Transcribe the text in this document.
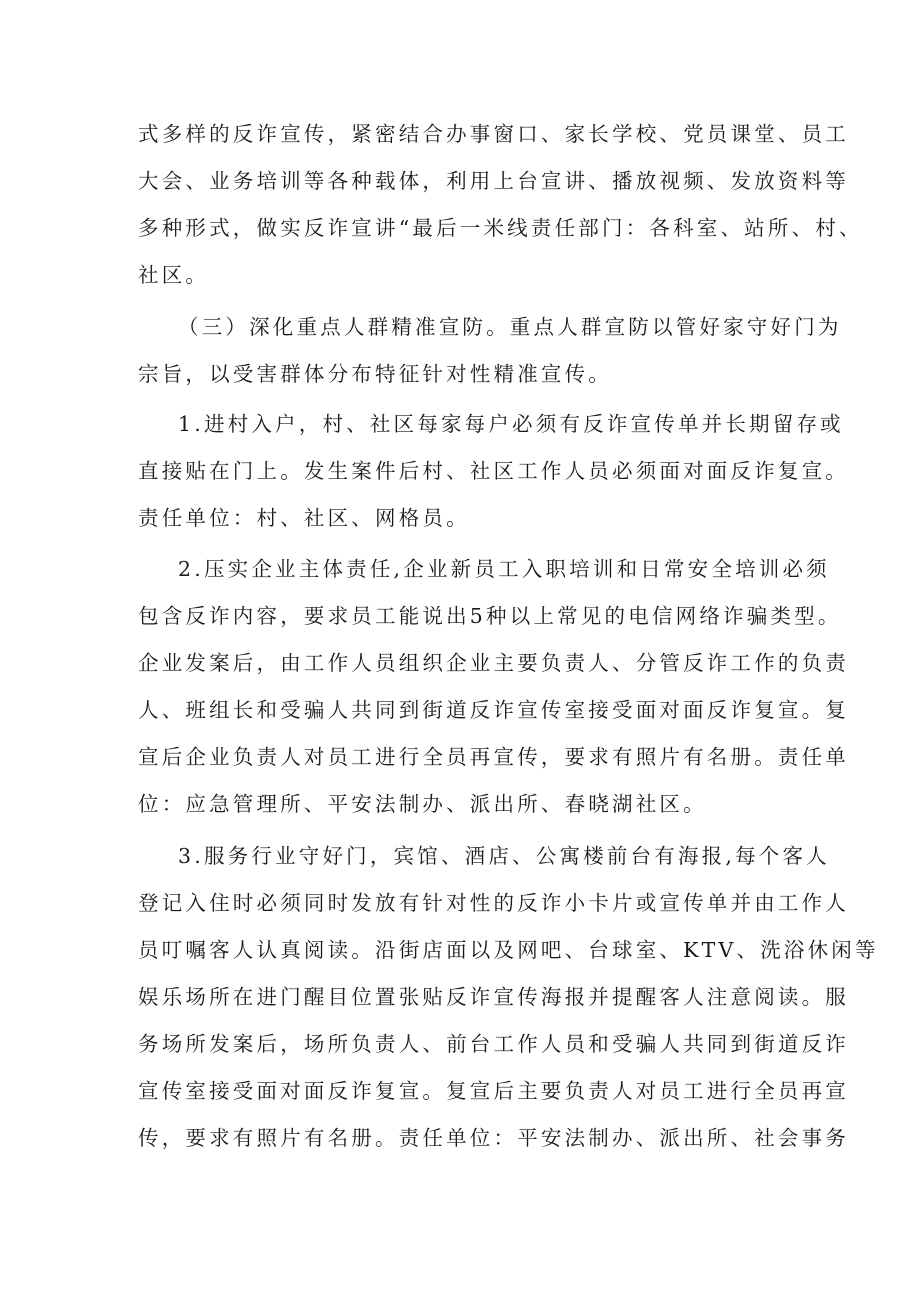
式多样的反诈宣传，紧密结合办事窗口、家长学校、党员课堂、员工
大会、业务培训等各种载体，利用上台宣讲、播放视频、发放资料等
多种形式，做实反诈宣讲“最后一米线责任部门：各科室、站所、村、
社区。
（三）深化重点人群精准宣防。重点人群宣防以管好家守好门为
宗旨，以受害群体分布特征针对性精准宣传。
1.进村入户，村、社区每家每户必须有反诈宣传单并长期留存或
直接贴在门上。发生案件后村、社区工作人员必须面对面反诈复宣。
责任单位：村、社区、网格员。
2.压实企业主体责任,企业新员工入职培训和日常安全培训必须
包含反诈内容，要求员工能说出5种以上常见的电信网络诈骗类型。
企业发案后，由工作人员组织企业主要负责人、分管反诈工作的负责
人、班组长和受骗人共同到街道反诈宣传室接受面对面反诈复宣。复
宣后企业负责人对员工进行全员再宣传，要求有照片有名册。责任单
位：应急管理所、平安法制办、派出所、春晓湖社区。
3.服务行业守好门，宾馆、酒店、公寓楼前台有海报,每个客人
登记入住时必须同时发放有针对性的反诈小卡片或宣传单并由工作人
员叮嘱客人认真阅读。沿街店面以及网吧、台球室、KTV、洗浴休闲等
娱乐场所在进门醒目位置张贴反诈宣传海报并提醒客人注意阅读。服
务场所发案后，场所负责人、前台工作人员和受骗人共同到街道反诈
宣传室接受面对面反诈复宣。复宣后主要负责人对员工进行全员再宣
传，要求有照片有名册。责任单位：平安法制办、派出所、社会事务
